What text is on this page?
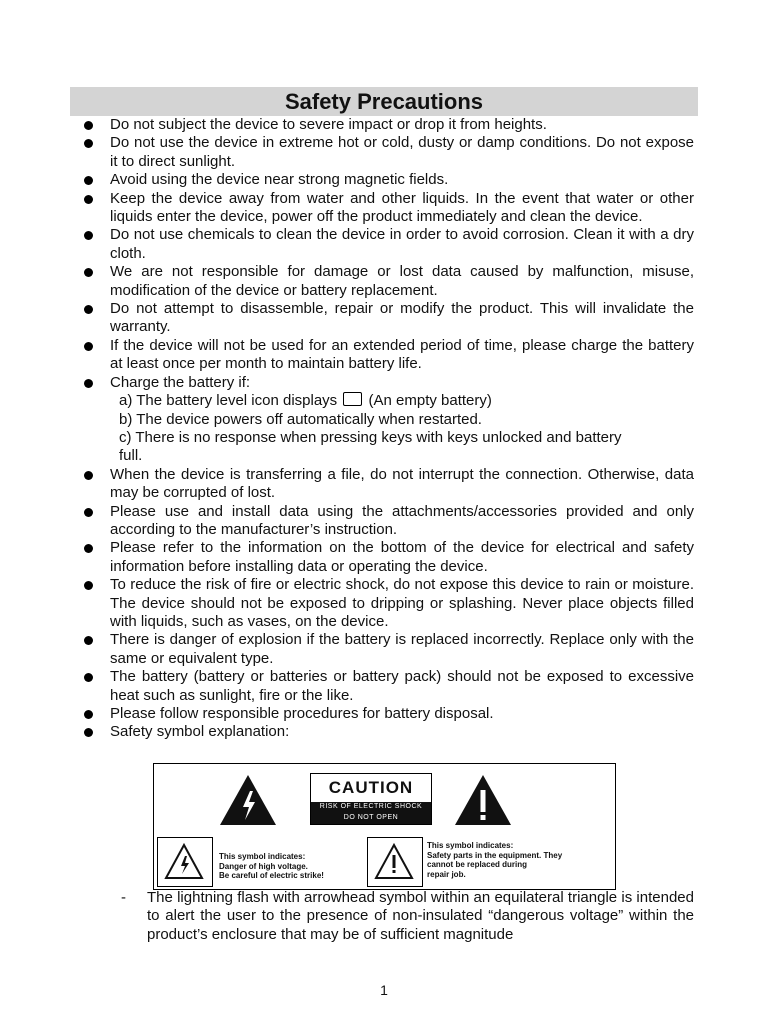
Safety Precautions
Do not subject the device to severe impact or drop it from heights.
Do not use the device in extreme hot or cold, dusty or damp conditions. Do not expose it to direct sunlight.
Avoid using the device near strong magnetic fields.
Keep the device away from water and other liquids. In the event that water or other liquids enter the device, power off the product immediately and clean the device.
Do not use chemicals to clean the device in order to avoid corrosion. Clean it with a dry cloth.
We are not responsible for damage or lost data caused by malfunction, misuse, modification of the device or battery replacement.
Do not attempt to disassemble, repair or modify the product. This will invalidate the warranty.
If the device will not be used for an extended period of time, please charge the battery at least once per month to maintain battery life.
Charge the battery if:
a) The battery level icon displays (An empty battery)
b) The device powers off automatically when restarted.
c) There is no response when pressing keys with keys unlocked and battery
full.
When the device is transferring a file, do not interrupt the connection. Otherwise, data may be corrupted of lost.
Please use and install data using the attachments/accessories provided and only according to the manufacturer’s instruction.
Please refer to the information on the bottom of the device for electrical and safety information before installing data or operating the device.
To reduce the risk of fire or electric shock, do not expose this device to rain or moisture. The device should not be exposed to dripping or splashing. Never place objects filled with liquids, such as vases, on the device.
There is danger of explosion if the battery is replaced incorrectly. Replace only with the same or equivalent type.
The battery (battery or batteries or battery pack) should not be exposed to excessive heat such as sunlight, fire or the like.
Please follow responsible procedures for battery disposal.
Safety symbol explanation:
CAUTION
RISK OF ELECTRIC SHOCK
DO NOT OPEN
This symbol indicates:
Danger of high voltage.
Be careful of electric strike!
This symbol indicates:
Safety parts in the equipment. They
cannot be replaced during
repair job.
- The lightning flash with arrowhead symbol within an equilateral triangle is intended to alert the user to the presence of non-insulated “dangerous voltage” within the product’s enclosure that may be of sufficient magnitude
1
